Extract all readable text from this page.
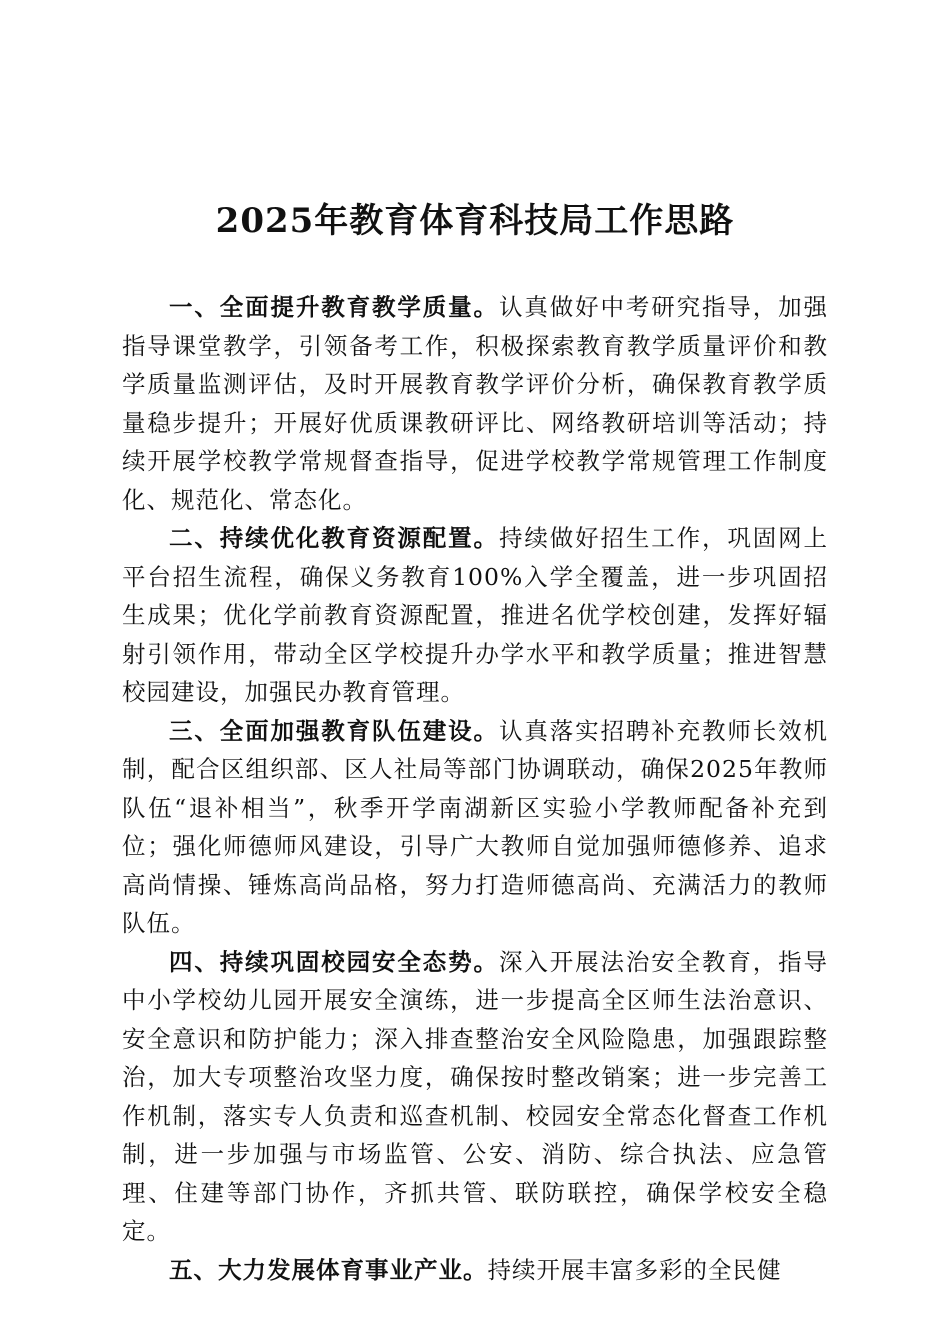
2025年教育体育科技局工作思路

一、全面提升教育教学质量。认真做好中考研究指导，加强指导课堂教学，引领备考工作，积极探索教育教学质量评价和教学质量监测评估，及时开展教育教学评价分析，确保教育教学质量稳步提升；开展好优质课教研评比、网络教研培训等活动；持续开展学校教学常规督查指导，促进学校教学常规管理工作制度化、规范化、常态化。

二、持续优化教育资源配置。持续做好招生工作，巩固网上平台招生流程，确保义务教育100%入学全覆盖，进一步巩固招生成果；优化学前教育资源配置，推进名优学校创建，发挥好辐射引领作用，带动全区学校提升办学水平和教学质量；推进智慧校园建设，加强民办教育管理。

三、全面加强教育队伍建设。认真落实招聘补充教师长效机制，配合区组织部、区人社局等部门协调联动，确保2025年教师队伍“退补相当”，秋季开学南湖新区实验小学教师配备补充到位；强化师德师风建设，引导广大教师自觉加强师德修养、追求高尚情操、锤炼高尚品格，努力打造师德高尚、充满活力的教师队伍。

四、持续巩固校园安全态势。深入开展法治安全教育，指导中小学校幼儿园开展安全演练，进一步提高全区师生法治意识、安全意识和防护能力；深入排查整治安全风险隐患，加强跟踪整治，加大专项整治攻坚力度，确保按时整改销案；进一步完善工作机制，落实专人负责和巡查机制、校园安全常态化督查工作机制，进一步加强与市场监管、公安、消防、综合执法、应急管理、住建等部门协作，齐抓共管、联防联控，确保学校安全稳定。

五、大力发展体育事业产业。持续开展丰富多彩的全民健
